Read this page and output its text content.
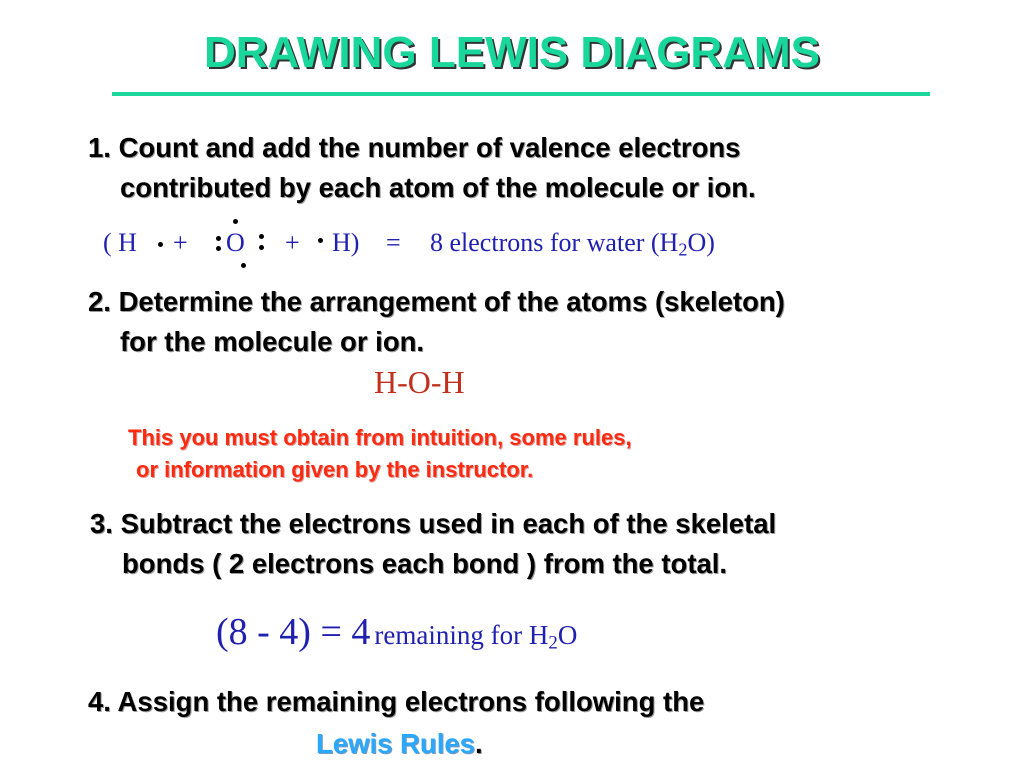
DRAWING LEWIS DIAGRAMS
1. Count and add the number of valence electrons
contributed by each atom of the molecule or ion.
( H + O + H) = 8 electrons for water $(H_2O)$
2. Determine the arrangement of the atoms (skeleton)
for the molecule or ion.
H-O-H
This you must obtain from intuition, some rules,
or information given by the instructor.
3. Subtract the electrons used in each of the skeletal
bonds ( 2 electrons each bond ) from the total.
(8 - 4) = 4 remaining for $H_2O$
4. Assign the remaining electrons following the
Lewis Rules.
